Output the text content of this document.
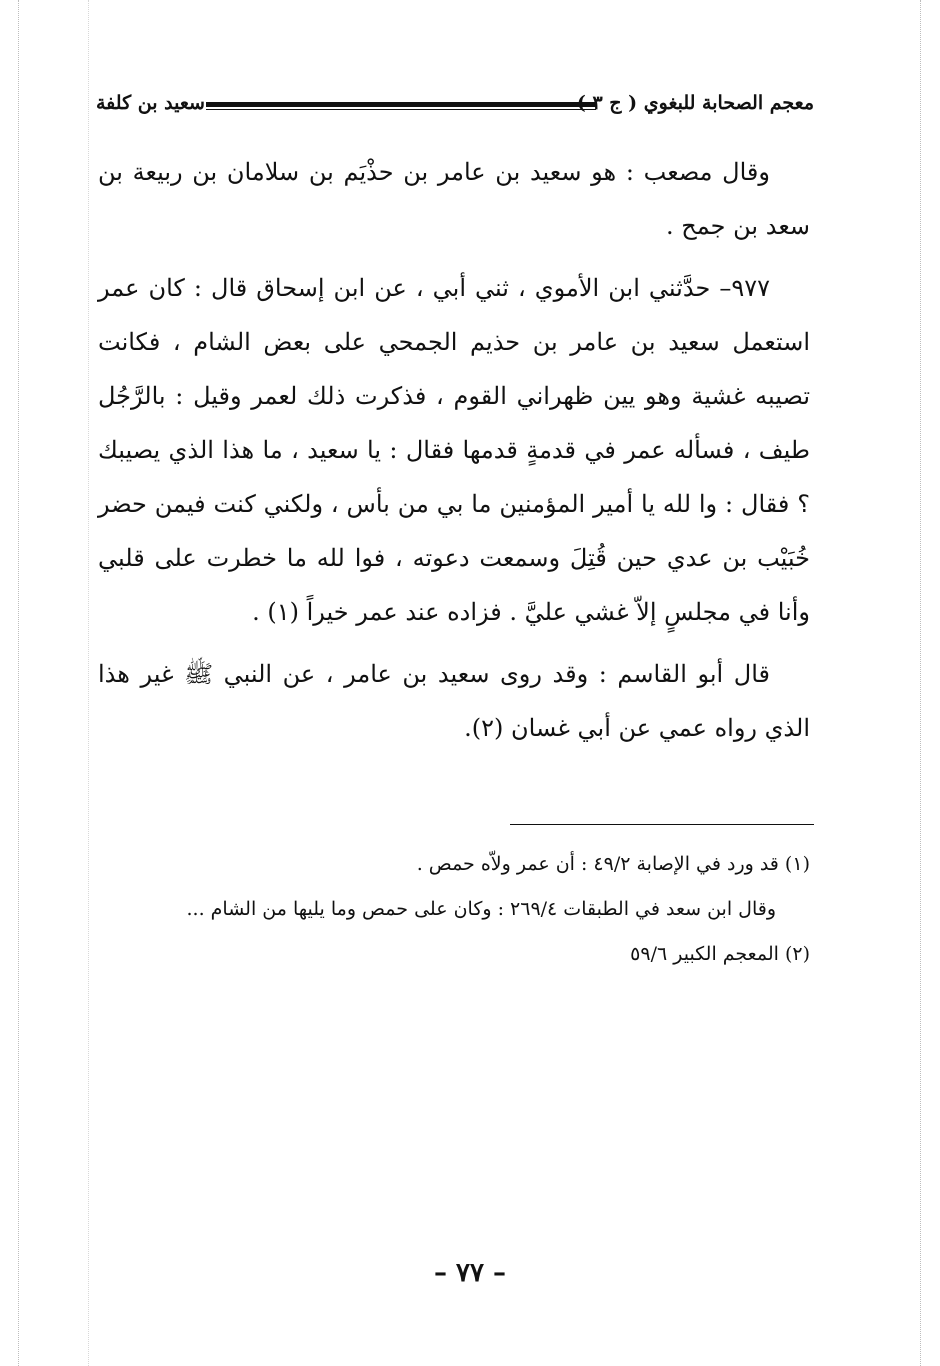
معجم الصحابة للبغوي ( ج ٣ )
سعيد بن كلفة

وقال مصعب : هو سعيد بن عامر بن حذْيَم بن سلامان بن ربيعة بن سعد بن جمح .

٩٧٧– حدَّثني ابن الأموي ، ثني أبي ، عن ابن إسحاق قال : كان عمر استعمل سعيد بن عامر بن حذيم الجمحي على بعض الشام ، فكانت تصيبه غشية وهو يين ظهراني القوم ، فذكرت ذلك لعمر وقيل : بالرَّجُل طيف ، فسأله عمر في قدمةٍ قدمها فقال : يا سعيد ، ما هذا الذي يصيبك ؟ فقال : وا لله يا أمير المؤمنين ما بي من بأس ، ولكني كنت فيمن حضر خُبَيْب بن عدي حين قُتِلَ وسمعت دعوته ، فوا لله ما خطرت على قلبي وأنا في مجلسٍ إلاّ غشي عليَّ . فزاده عند عمر خيراً (١) .

قال أبو القاسم : وقد روى سعيد بن عامر ، عن النبي ﷺ غير هذا الذي رواه عمي عن أبي غسان (٢).

(١) قد ورد في الإصابة ٤٩/٢ : أن عمر ولاّه حمص .

وقال ابن سعد في الطبقات ٢٦٩/٤ : وكان على حمص وما يليها من الشام ...

(٢) المعجم الكبير ٥٩/٦

– ٧٧ –
